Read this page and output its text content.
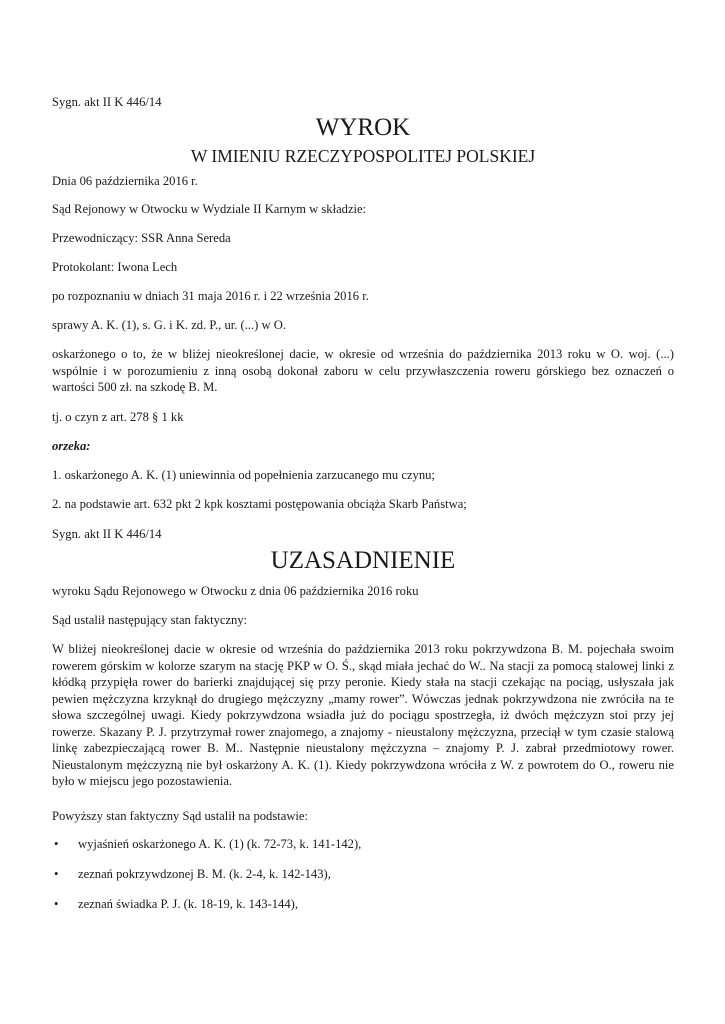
Sygn. akt II K 446/14

WYROK
W IMIENIU RZECZYPOSPOLITEJ POLSKIEJ

Dnia 06 października 2016 r.

Sąd Rejonowy w Otwocku w Wydziale II Karnym w składzie:

Przewodniczący: SSR Anna Sereda

Protokolant: Iwona Lech

po rozpoznaniu w dniach 31 maja 2016 r. i 22 września 2016 r.

sprawy A. K. (1), s. G. i K. zd. P., ur. (...) w O.

oskarżonego o to, że w bliżej nieokreślonej dacie, w okresie od września do października 2013 roku w O. woj. (...) wspólnie i w porozumieniu z inną osobą dokonał zaboru w celu przywłaszczenia roweru górskiego bez oznaczeń o wartości 500 zł. na szkodę B. M.

tj. o czyn z art. 278 § 1 kk

orzeka:

1. oskarżonego A. K. (1) uniewinnia od popełnienia zarzucanego mu czynu;

2. na podstawie art. 632 pkt 2 kpk kosztami postępowania obciąża Skarb Państwa;

Sygn. akt II K 446/14

UZASADNIENIE

wyroku Sądu Rejonowego w Otwocku z dnia 06 października 2016 roku

Sąd ustalił następujący stan faktyczny:

W bliżej nieokreślonej dacie w okresie od września do października 2013 roku pokrzywdzona B. M. pojechała swoim rowerem górskim w kolorze szarym na stację PKP w O. Ś., skąd miała jechać do W.. Na stacji za pomocą stalowej linki z kłódką przypięła rower do barierki znajdującej się przy peronie. Kiedy stała na stacji czekając na pociąg, usłyszała jak pewien mężczyzna krzyknął do drugiego mężczyzny „mamy rower”. Wówczas jednak pokrzywdzona nie zwróciła na te słowa szczególnej uwagi. Kiedy pokrzywdzona wsiadła już do pociągu spostrzegła, iż dwóch mężczyzn stoi przy jej rowerze. Skazany P. J. przytrzymał rower znajomego, a znajomy - nieustalony mężczyzna, przeciął w tym czasie stalową linkę zabezpieczającą rower B. M.. Następnie nieustalony mężczyzna – znajomy P. J. zabrał przedmiotowy rower. Nieustalonym mężczyzną nie był oskarżony A. K. (1). Kiedy pokrzywdzona wróciła z W. z powrotem do O., roweru nie było w miejscu jego pozostawienia.

Powyższy stan faktyczny Sąd ustalił na podstawie:

• wyjaśnień oskarżonego A. K. (1) (k. 72-73, k. 141-142),
• zeznań pokrzywdzonej B. M. (k. 2-4, k. 142-143),
• zeznań świadka P. J. (k. 18-19, k. 143-144),
